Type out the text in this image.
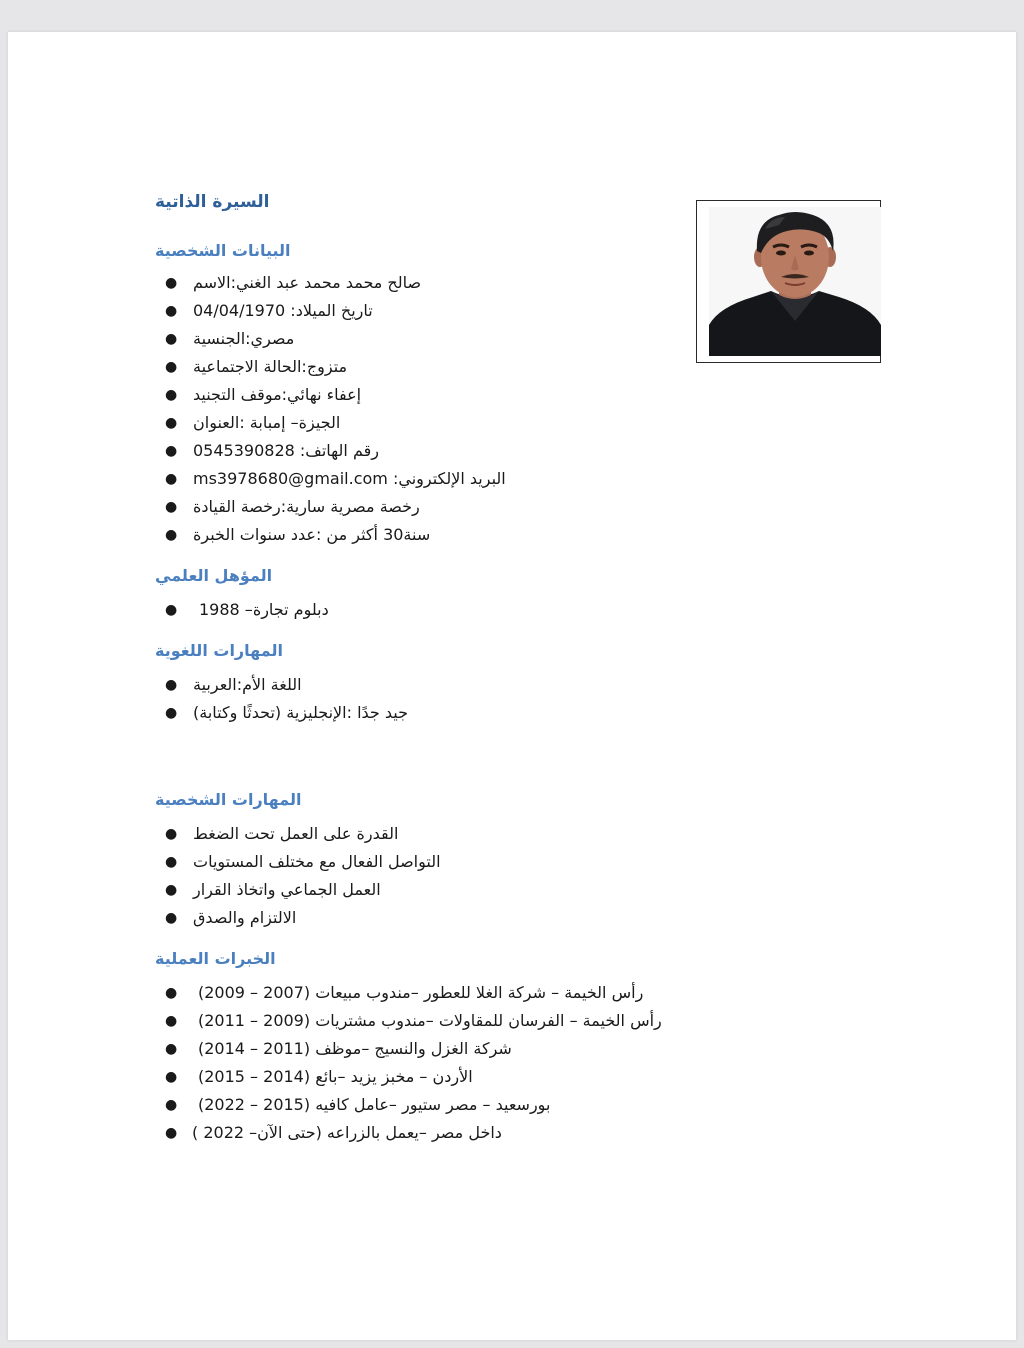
السيرة الذاتية
البيانات الشخصية
● صالح محمد محمد عبد الغني:الاسم
● 04/04/1970 :تاريخ الميلاد
● مصري:الجنسية
● متزوج:الحالة الاجتماعية
● إعفاء نهائي:موقف التجنيد
● الجيزة– إمبابة :العنوان
● 0545390828 :رقم الهاتف
● ms3978680@gmail.com :البريد الإلكتروني
● رخصة مصرية سارية:رخصة القيادة
● سنة30 أكثر من :عدد سنوات الخبرة
المؤهل العلمي
● 1988 –دبلوم تجارة
المهارات اللغوية
● اللغة الأم:العربية
● (تحدثًا وكتابة) جيد جدًا :الإنجليزية
المهارات الشخصية
● القدرة على العمل تحت الضغط
● التواصل الفعال مع مختلف المستويات
● العمل الجماعي واتخاذ القرار
● الالتزام والصدق
الخبرات العملية
● (2009 – 2007) رأس الخيمة – شركة الغلا للعطور –مندوب مبيعات
● (2011 – 2009) رأس الخيمة – الفرسان للمقاولات –مندوب مشتريات
● (2014 – 2011) شركة الغزل والنسيج –موظف
● (2015 – 2014) الأردن – مخبز يزيد –بائع
● (2022 – 2015) بورسعيد – مصر ستيور –عامل كافيه
● ( حتى الآن– 2022) داخل مصر –يعمل بالزراعه
